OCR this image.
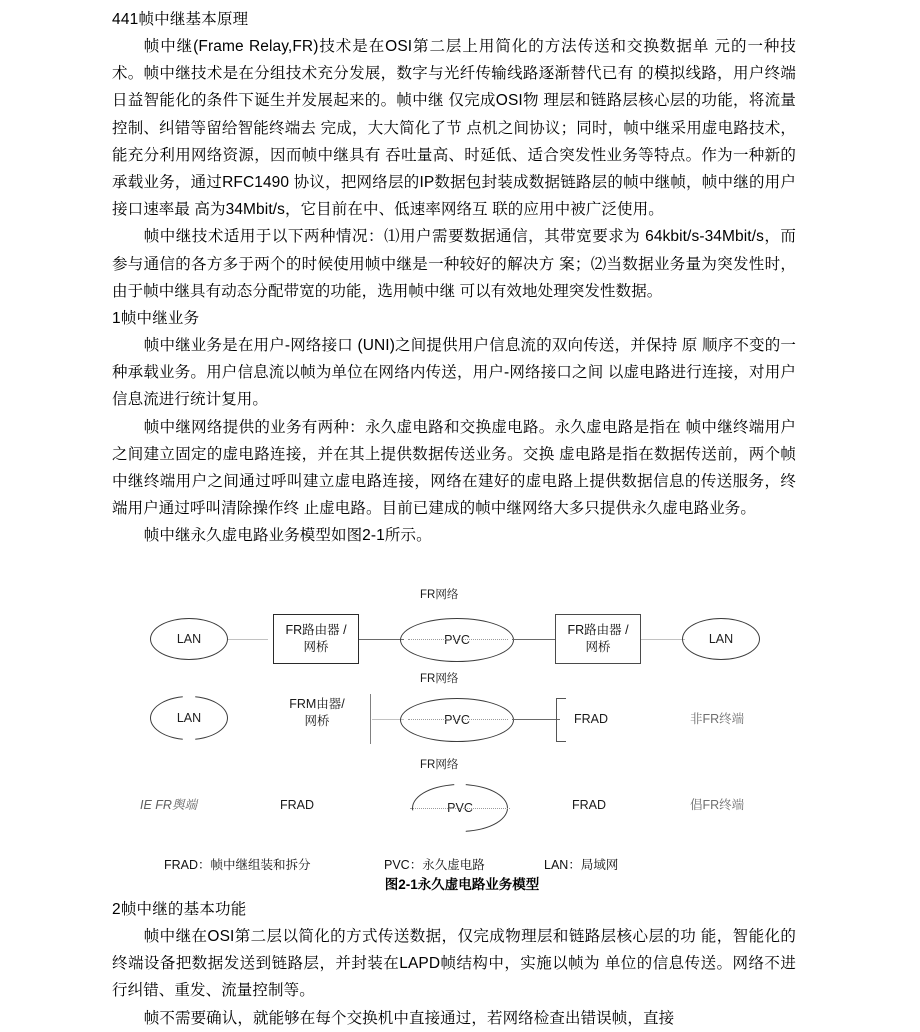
441帧中继基本原理
帧中继(Frame Relay,FR)技术是在OSI第二层上用简化的方法传送和交换数据单 元的一种技术。帧中继技术是在分组技术充分发展，数字与光纤传输线路逐渐替代已有 的模拟线路，用户终端日益智能化的条件下诞生并发展起来的。帧中继 仅完成OSI物 理层和链路层核心层的功能，将流量控制、纠错等留给智能终端去 完成，大大简化了节 点机之间协议；同时，帧中继采用虚电路技术，能充分利用网络资源，因而帧中继具有 吞吐量高、时延低、适合突发性业务等特点。作为一种新的承载业务，通过RFC1490 协议，把网络层的IP数据包封装成数据链路层的帧中继帧，帧中继的用户接口速率最 高为34Mbit/s，它目前在中、低速率网络互 联的应用中被广泛使用。
帧中继技术适用于以下两种情况：⑴用户需要数据通信，其带宽要求为 64kbit/s-34Mbit/s，而参与通信的各方多于两个的时候使用帧中继是一种较好的解决方 案；⑵当数据业务量为突发性时，由于帧中继具有动态分配带宽的功能，选用帧中继 可以有效地处理突发性数据。
1帧中继业务
帧中继业务是在用户-网络接口 (UNI)之间提供用户信息流的双向传送，并保持 原 顺序不变的一种承载业务。用户信息流以帧为单位在网络内传送，用户-网络接口之间 以虚电路进行连接，对用户信息流进行统计复用。
帧中继网络提供的业务有两种：永久虚电路和交换虚电路。永久虚电路是指在 帧中继终端用户之间建立固定的虚电路连接，并在其上提供数据传送业务。交换 虚电路是指在数据传送前，两个帧中继终端用户之间通过呼叫建立虚电路连接，网络在建好的虚电路上提供数据信息的传送服务，终端用户通过呼叫清除操作终 止虚电路。目前已建成的帧中继网络大多只提供永久虚电路业务。
帧中继永久虚电路业务模型如图2-1所示。
FR网络
LAN
FR路由器 /
网桥	PVC
FR路由器 /
网桥
LAN
FR网络
LAN
FRM由器/
网桥	PVC	FRAD	非FR终端
FR网络
IE FR舆端	FRAD	PVC	FRAD	倡FR终端
FRAD：帧中继组装和拆分	PVC：永久虚电路	LAN：局域网
图2-1永久虚电路业务模型
2帧中继的基本功能
帧中继在OSI第二层以简化的方式传送数据，仅完成物理层和链路层核心层的功 能，智能化的终端设备把数据发送到链路层，并封装在LAPD帧结构中，实施以帧为 单位的信息传送。网络不进行纠错、重发、流量控制等。
帧不需要确认，就能够在每个交换机中直接通过，若网络检查出错误帧，直接
